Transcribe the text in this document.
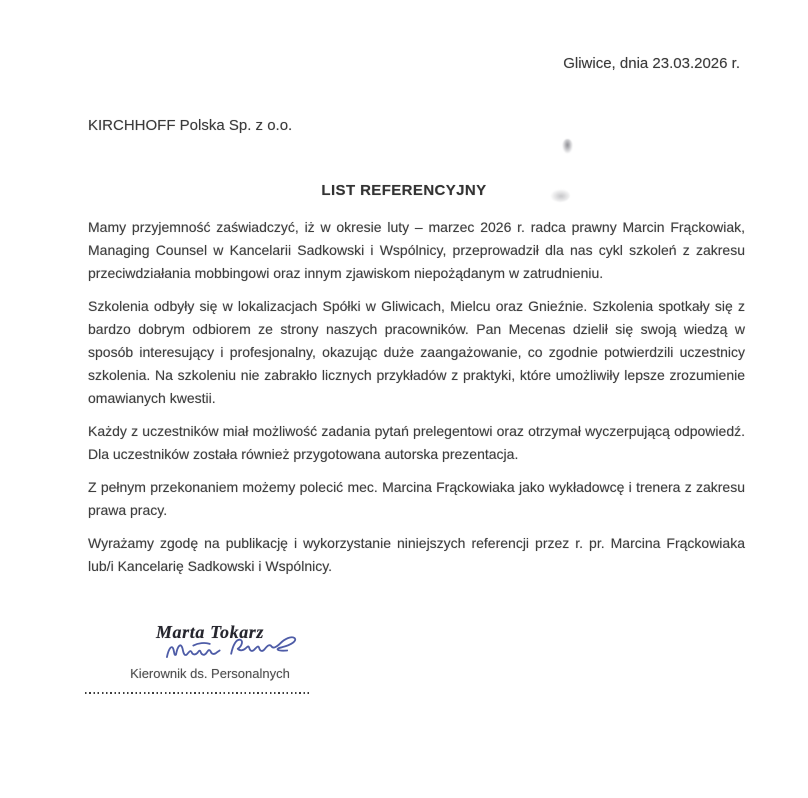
Gliwice, dnia 23.03.2026 r.
KIRCHHOFF Polska Sp. z o.o.
LIST REFERENCYJNY

Mamy przyjemność zaświadczyć, iż w okresie luty – marzec 2026 r. radca prawny Marcin Frąckowiak, Managing Counsel w Kancelarii Sadkowski i Wspólnicy, przeprowadził dla nas cykl szkoleń z zakresu przeciwdziałania mobbingowi oraz innym zjawiskom niepożądanym w zatrudnieniu.

Szkolenia odbyły się w lokalizacjach Spółki w Gliwicach, Mielcu oraz Gnieźnie. Szkolenia spotkały się z bardzo dobrym odbiorem ze strony naszych pracowników. Pan Mecenas dzielił się swoją wiedzą w sposób interesujący i profesjonalny, okazując duże zaangażowanie, co zgodnie potwierdzili uczestnicy szkolenia. Na szkoleniu nie zabrakło licznych przykładów z praktyki, które umożliwiły lepsze zrozumienie omawianych kwestii.

Każdy z uczestników miał możliwość zadania pytań prelegentowi oraz otrzymał wyczerpującą odpowiedź. Dla uczestników została również przygotowana autorska prezentacja.

Z pełnym przekonaniem możemy polecić mec. Marcina Frąckowiaka jako wykładowcę i trenera z zakresu prawa pracy.

Wyrażamy zgodę na publikację i wykorzystanie niniejszych referencji przez r. pr. Marcina Frąckowiaka lub/i Kancelarię Sadkowski i Wspólnicy.

Marta Tokarz
Kierownik ds. Personalnych
